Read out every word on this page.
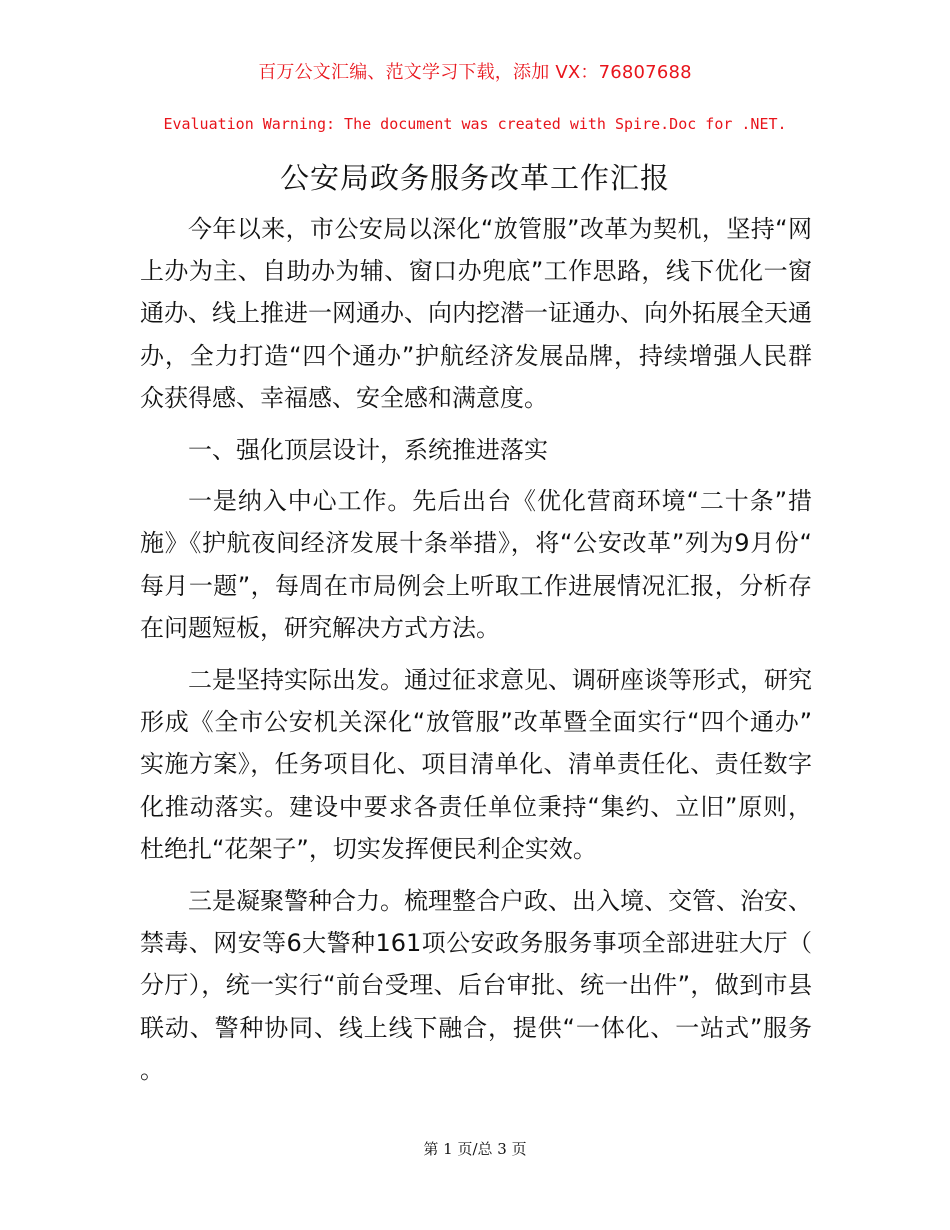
百万公文汇编、范文学习下载，添加 VX：76807688
Evaluation Warning: The document was created with Spire.Doc for .NET.
公安局政务服务改革工作汇报

今年以来，市公安局以深化“放管服”改革为契机，坚持“网上办为主、自助办为辅、窗口办兜底”工作思路，线下优化一窗通办、线上推进一网通办、向内挖潜一证通办、向外拓展全天通办，全力打造“四个通办”护航经济发展品牌，持续增强人民群众获得感、幸福感、安全感和满意度。

一、强化顶层设计，系统推进落实

一是纳入中心工作。先后出台《优化营商环境“二十条”措施》《护航夜间经济发展十条举措》，将“公安改革”列为9月份“每月一题”，每周在市局例会上听取工作进展情况汇报，分析存在问题短板，研究解决方式方法。

二是坚持实际出发。通过征求意见、调研座谈等形式，研究形成《全市公安机关深化“放管服”改革暨全面实行“四个通办”实施方案》，任务项目化、项目清单化、清单责任化、责任数字化推动落实。建设中要求各责任单位秉持“集约、立旧”原则，杜绝扎“花架子”，切实发挥便民利企实效。

三是凝聚警种合力。梳理整合户政、出入境、交管、治安、禁毒、网安等6大警种161项公安政务服务事项全部进驻大厅（分厅），统一实行“前台受理、后台审批、统一出件”，做到市县联动、警种协同、线上线下融合，提供“一体化、一站式”服务。

第 1 页/总 3 页
